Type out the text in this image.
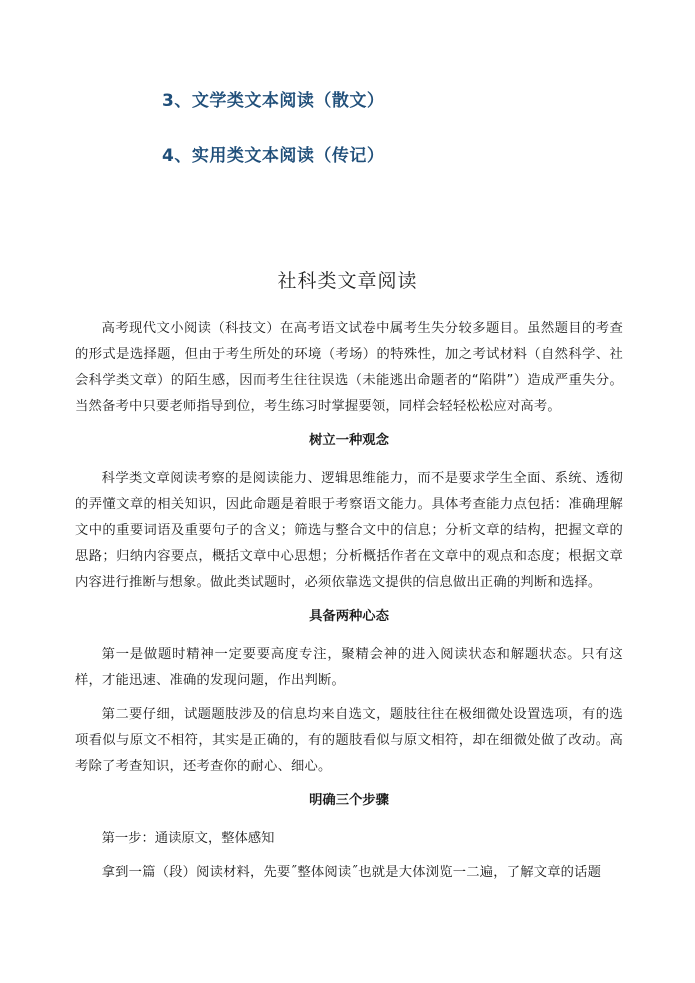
3、文学类文本阅读（散文）
4、实用类文本阅读（传记）
社科类文章阅读

高考现代文小阅读（科技文）在高考语文试卷中属考生失分较多题目。虽然题目的考查的形式是选择题，但由于考生所处的环境（考场）的特殊性，加之考试材料（自然科学、社会科学类文章）的陌生感，因而考生往往误选（未能逃出命题者的“陷阱”）造成严重失分。当然备考中只要老师指导到位，考生练习时掌握要领，同样会轻轻松松应对高考。

树立一种观念

科学类文章阅读考察的是阅读能力、逻辑思维能力，而不是要求学生全面、系统、透彻的弄懂文章的相关知识，因此命题是着眼于考察语文能力。具体考查能力点包括：准确理解文中的重要词语及重要句子的含义；筛选与整合文中的信息；分析文章的结构，把握文章的思路；归纳内容要点，概括文章中心思想；分析概括作者在文章中的观点和态度；根据文章内容进行推断与想象。做此类试题时，必须依靠选文提供的信息做出正确的判断和选择。

具备两种心态

第一是做题时精神一定要要高度专注，聚精会神的进入阅读状态和解题状态。只有这样，才能迅速、准确的发现问题，作出判断。

第二要仔细，试题题肢涉及的信息均来自选文，题肢往往在极细微处设置选项，有的选项看似与原文不相符，其实是正确的，有的题肢看似与原文相符，却在细微处做了改动。高考除了考查知识，还考查你的耐心、细心。

明确三个步骤

第一步：通读原文，整体感知

拿到一篇（段）阅读材料，先要˝整体阅读˝也就是大体浏览一二遍，了解文章的话题
